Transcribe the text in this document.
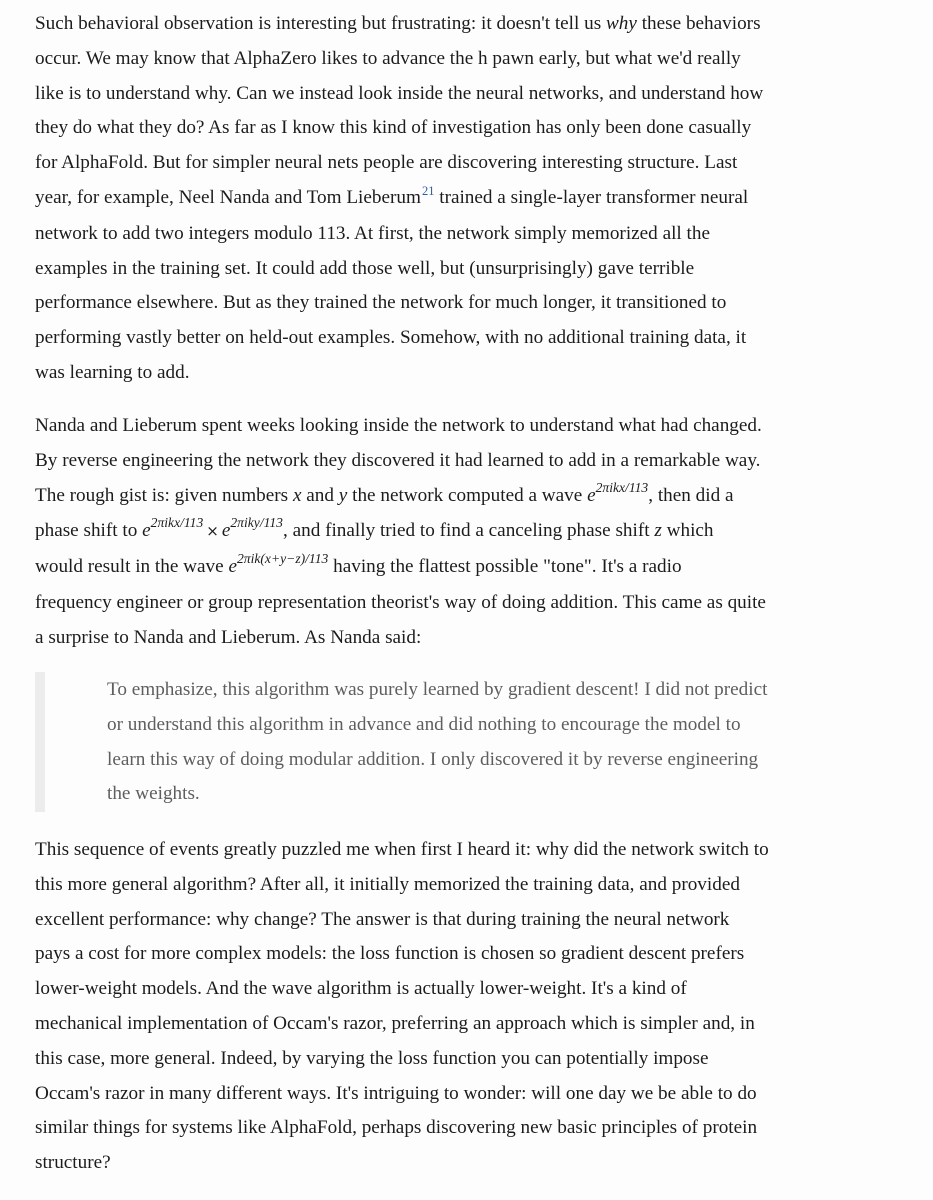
Such behavioral observation is interesting but frustrating: it doesn't tell us why these behaviors
occur. We may know that AlphaZero likes to advance the h pawn early, but what we'd really
like is to understand why. Can we instead look inside the neural networks, and understand how
they do what they do? As far as I know this kind of investigation has only been done casually
for AlphaFold. But for simpler neural nets people are discovering interesting structure. Last
year, for example, Neel Nanda and Tom Lieberum$^{21}$ trained a single-layer transformer neural
network to add two integers modulo 113. At first, the network simply memorized all the
examples in the training set. It could add those well, but (unsurprisingly) gave terrible
performance elsewhere. But as they trained the network for much longer, it transitioned to
performing vastly better on held-out examples. Somehow, with no additional training data, it
was learning to add.

Nanda and Lieberum spent weeks looking inside the network to understand what had changed.
By reverse engineering the network they discovered it had learned to add in a remarkable way.
The rough gist is: given numbers x and y the network computed a wave $e^{2\pi ikx/113}$, then did a
phase shift to $e^{2\pi ikx/113} \times e^{2\pi iky/113}$, and finally tried to find a canceling phase shift z which
would result in the wave $e^{2\pi ik(x+y-z)/113}$ having the flattest possible "tone". It's a radio
frequency engineer or group representation theorist's way of doing addition. This came as quite
a surprise to Nanda and Lieberum. As Nanda said:

To emphasize, this algorithm was purely learned by gradient descent! I did not predict
or understand this algorithm in advance and did nothing to encourage the model to
learn this way of doing modular addition. I only discovered it by reverse engineering
the weights.

This sequence of events greatly puzzled me when first I heard it: why did the network switch to
this more general algorithm? After all, it initially memorized the training data, and provided
excellent performance: why change? The answer is that during training the neural network
pays a cost for more complex models: the loss function is chosen so gradient descent prefers
lower-weight models. And the wave algorithm is actually lower-weight. It's a kind of
mechanical implementation of Occam's razor, preferring an approach which is simpler and, in
this case, more general. Indeed, by varying the loss function you can potentially impose
Occam's razor in many different ways. It's intriguing to wonder: will one day we be able to do
similar things for systems like AlphaFold, perhaps discovering new basic principles of protein
structure?
